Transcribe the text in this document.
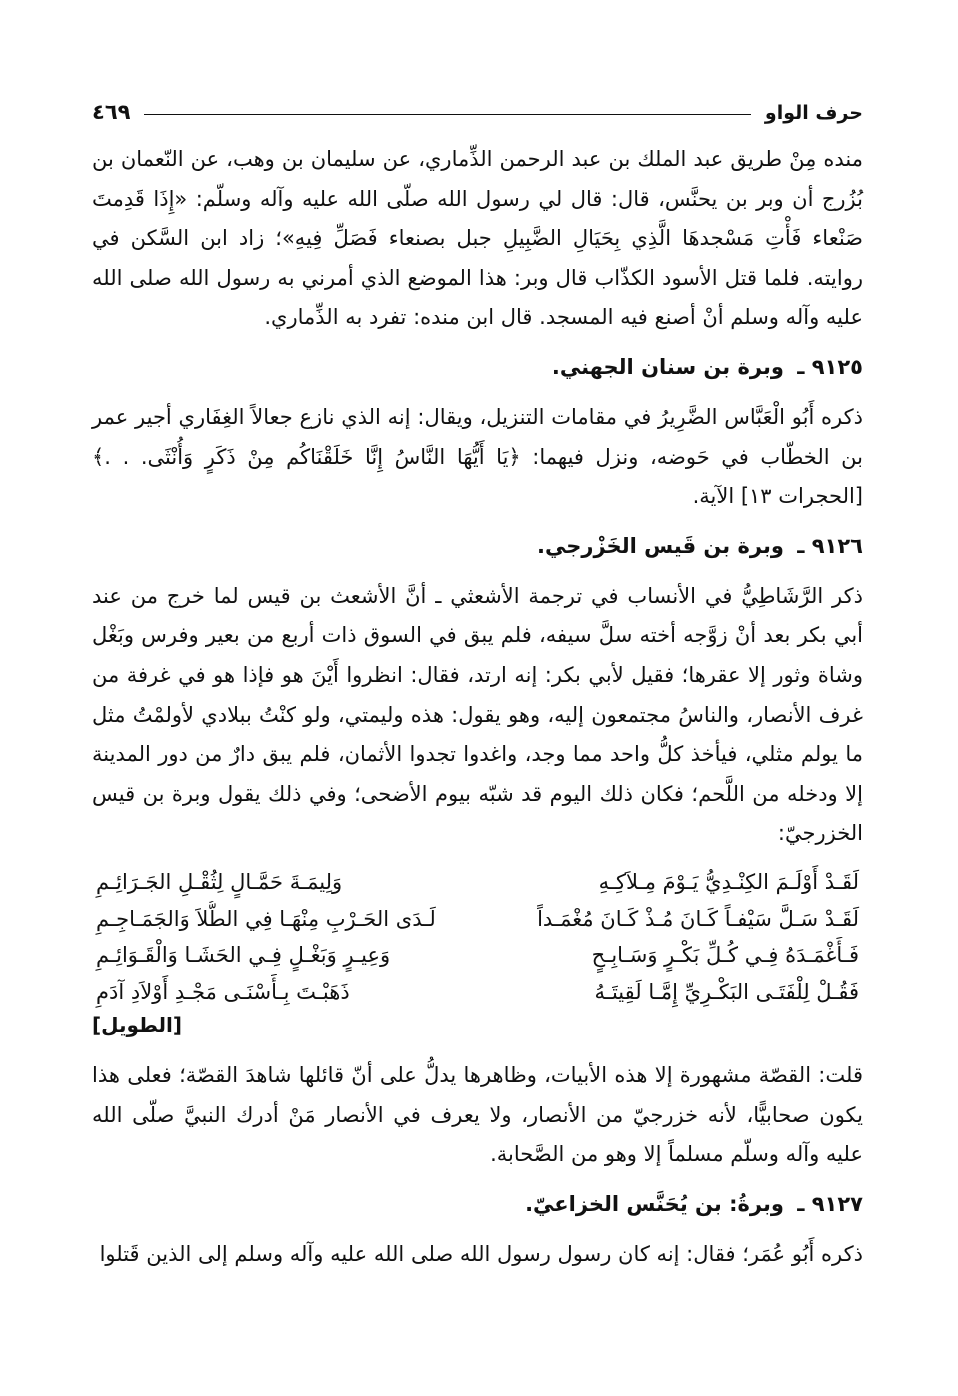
حرف الواو
٤٦٩

منده مِنْ طريق عبد الملك بن عبد الرحمن الذِّماري، عن سليمان بن وهب، عن النّعمان بن بُزُرج أن وبر بن يحنَّس، قال: قال لي رسول الله صلّى الله عليه وآله وسلّم: «إِذَا قَدِمتَ صَنْعاء فَأْتِ مَسْجدهَا الَّذِي بِحَيَالِ الضَّبِيلِ جبل بصنعاء فَصَلِّ فِيهِ»؛ زاد ابن السَّكن في روايته. فلما قتل الأسود الكذّاب قال وبر: هذا الموضع الذي أمرني به رسول الله صلى الله عليه وآله وسلم أنْ أصنع فيه المسجد. قال ابن منده: تفرد به الذِّماري.

٩١٢٥ ـ وبرة بن سنان الجهني.

ذكره أَبُو الْعَبَّاس الضَّرِيرُ في مقامات التنزيل، ويقال: إنه الذي نازع جعالاً الغِفَاري أجير عمر بن الخطّاب في حَوضه، ونزل فيهما: ﴿يَا أَيُّهَا النَّاسُ إِنَّا خَلَقْنَاكُم مِنْ ذَكَرٍ وَأُنْثَى. . .﴾ [الحجرات ١٣] الآية.

٩١٢٦ ـ وبرة بن قَيس الخَزْرجي.

ذكر الرَّشَاطِيُّ في الأنساب في ترجمة الأشعثي ـ أنَّ الأشعث بن قيس لما خرج من عند أبي بكر بعد أنْ زوَّجه أخته سلَّ سيفه، فلم يبق في السوق ذات أربع من بعير وفرس وبَغْل وشاة وثور إلا عقرها؛ فقيل لأبي بكر: إنه ارتد، فقال: انظروا أَيْنَ هو فإذا هو في غرفة من غرف الأنصار، والناسُ مجتمعون إليه، وهو يقول: هذه وليمتي، ولو كنْتُ ببلادي لأولمْتُ مثل ما يولم مثلي، فيأخذ كلُّ واحد مما وجد، واغدوا تجدوا الأثمان، فلم يبق دارٌ من دور المدينة إلا ودخله من اللَّحم؛ فكان ذلك اليوم قد شبّه بيوم الأضحى؛ وفي ذلك يقول وبرة بن قيس الخزرجيّ:

لَقَـدْ أَوْلَـمَ الكِنْـدِيُّ يَـوْمَ مِـلاَكِـهِ
وَلِيمَـةَ حَمَّـالٍ لِثُقْـلِ الجَـرَائِـمِ
لَقَـدْ سَـلَّ سَيْفـاً كَـانَ مُـذْ كَـانَ مُغْمَـداً
لَـدَى الحَـرْبِ مِنْهَـا فِي الطُّلاَ وَالجَمَـاجِـمِ
فَـأَغْمَـدَهُ فِـي كُـلِّ بَكْـرٍ وَسَـابِـحٍ
وَعِيـرٍ وَبَغْـلٍ فِـي الحَشَـا وَالْقَـوَائِـمِ
فَقُـلْ لِلْفَتَـى البَكْـرِيِّ إِمَّـا لَقِيتَـهُ
ذَهَبْـتَ بِـأَسْنَـى مَجْـدِ أَوْلاَدِ آدَمِ
[الطويل]

قلت: القصّة مشهورة إلا هذه الأبيات، وظاهرها يدلُّ على أنّ قائلها شاهدَ القصّة؛ فعلى هذا يكون صحابيًّا، لأنه خزرجيّ من الأنصار، ولا يعرف في الأنصار مَنْ أدرك النبيَّ صلّى الله عليه وآله وسلّم مسلماً إلا وهو من الصَّحابة.

٩١٢٧ ـ وبرةُ: بن يُحَنَّس الخزاعيّ.

ذكره أَبُو عُمَر؛ فقال: إنه كان رسول رسول الله صلى الله عليه وآله وسلم إلى الذين قَتلوا
